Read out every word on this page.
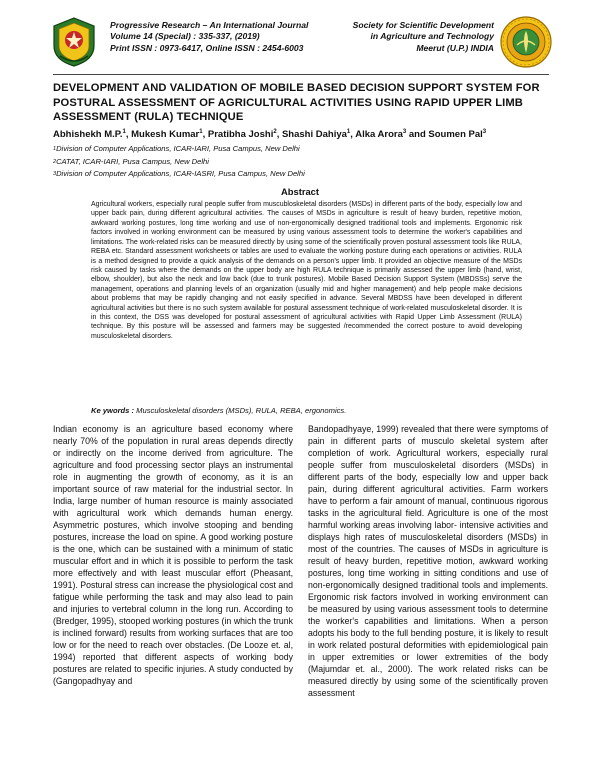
Progressive Research – An International Journal
Volume 14 (Special) : 335-337, (2019)
Print ISSN : 0973-6417, Online ISSN : 2454-6003
Society for Scientific Development
in Agriculture and Technology
Meerut (U.P.) INDIA
DEVELOPMENT AND VALIDATION OF MOBILE BASED DECISION SUPPORT SYSTEM FOR POSTURAL ASSESSMENT OF AGRICULTURAL ACTIVITIES USING RAPID UPPER LIMB ASSESSMENT (RULA) TECHNIQUE
Abhishekh M.P.$^1$, Mukesh Kumar$^1$, Pratibha Joshi$^2$, Shashi Dahiya$^1$, Alka Arora$^3$ and Soumen Pal$^3$
$^1$Division of Computer Applications, ICAR-IARI, Pusa Campus, New Delhi
$^2$CATAT, ICAR-IARI, Pusa Campus, New Delhi
$^3$Division of Computer Applications, ICAR-IASRI, Pusa Campus, New Delhi
Abstract

Agricultural workers, especially rural people suffer from muscubloskeletal disorders (MSDs) in different parts of the body, especially low and upper back pain, during different agricultural activities. The causes of MSDs in agriculture is result of heavy burden, repetitive motion, awkward working postures, long time working and use of non-ergonomically designed traditional tools and implements. Ergonomic risk factors involved in working environment can be measured by using various assessment tools to determine the worker's capabilities and limitations. The work-related risks can be measured directly by using some of the scientifically proven postural assessment tools like RULA, REBA etc. Standard assessment worksheets or tables are used to evaluate the working posture during each operations or activities. RULA is a method designed to provide a quick analysis of the demands on a person's upper limb. It provided an objective measure of the MSDs risk caused by tasks where the demands on the upper body are high RULA technique is primarily assessed the upper limb (hand, wrist, elbow, shoulder), but also the neck and low back (due to trunk postures). Mobile Based Decision Support System (MBDSSs) serve the management, operations and planning levels of an organization (usually mid and higher management) and help people make decisions about problems that may be rapidly changing and not easily specified in advance. Several MBDSS have been developed in different agricultural activities but there is no such system available for postural assessment technique of work-related musculoskeletal disorder. It is in this context, the DSS was developed for postural assessment of agricultural activities with Rapid Upper Limb Assessment (RULA) technique. By this posture will be assessed and farmers may be suggested /recommended the correct posture to avoid developing musculoskeletal disorders.

Ke ywords : Musculoskeletal disorders (MSDs), RULA, REBA, ergonomics.

Indian economy is an agriculture based economy where nearly 70% of the population in rural areas depends directly or indirectly on the income derived from agriculture. The agriculture and food processing sector plays an instrumental role in augmenting the growth of economy, as it is an important source of raw material for the industrial sector. In India, large number of human resource is mainly associated with agricultural work which demands human energy. Asymmetric postures, which involve stooping and bending postures, increase the load on spine. A good working posture is the one, which can be sustained with a minimum of static muscular effort and in which it is possible to perform the task more effectively and with least muscular effort (Pheasant, 1991). Postural stress can increase the physiological cost and fatigue while performing the task and may also lead to pain and injuries to vertebral column in the long run. According to (Bredger, 1995), stooped working postures (in which the trunk is inclined forward) results from working surfaces that are too low or for the need to reach over obstacles. (De Looze et. al, 1994) reported that different aspects of working body postures are related to specific injuries. A study conducted by (Gangopadhyay and

Bandopadhyaye, 1999) revealed that there were symptoms of pain in different parts of musculo skeletal system after completion of work. Agricultural workers, especially rural people suffer from musculoskeletal disorders (MSDs) in different parts of the body, especially low and upper back pain, during different agricultural activities. Farm workers have to perform a fair amount of manual, continuous rigorous tasks in the agricultural field. Agriculture is one of the most harmful working areas involving labor- intensive activities and displays high rates of musculoskeletal disorders (MSDs) in most of the countries. The causes of MSDs in agriculture is result of heavy burden, repetitive motion, awkward working postures, long time working in sitting conditions and use of non-ergonomically designed traditional tools and implements. Ergonomic risk factors involved in working environment can be measured by using various assessment tools to determine the worker's capabilities and limitations. When a person adopts his body to the full bending posture, it is likely to result in work related postural deformities with epidemiological pain in upper extremities or lower extremities of the body (Majumdar et. al., 2000). The work related risks can be measured directly by using some of the scientifically proven assessment
